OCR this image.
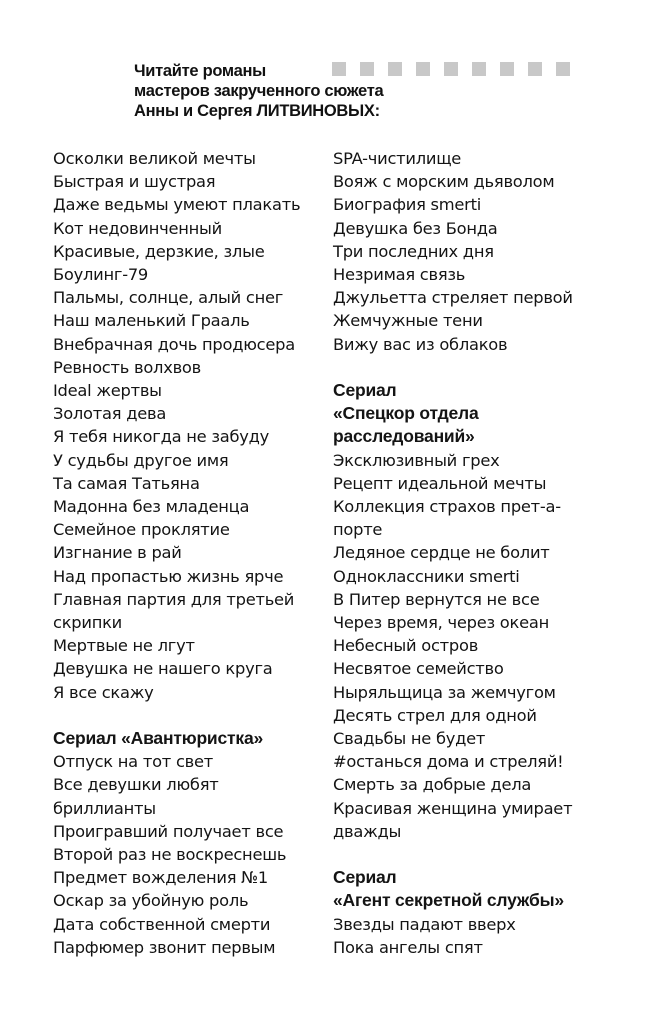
Читайте романы
мастеров закрученного сюжета
Анны и Сергея ЛИТВИНОВЫХ:
Осколки великой мечты
Быстрая и шустрая
Даже ведьмы умеют плакать
Кот недовинченный
Красивые, дерзкие, злые
Боулинг-79
Пальмы, солнце, алый снег
Наш маленький Грааль
Внебрачная дочь продюсера
Ревность волхвов
Ideal жертвы
Золотая дева
Я тебя никогда не забуду
У судьбы другое имя
Та самая Татьяна
Мадонна без младенца
Семейное проклятие
Изгнание в рай
Над пропастью жизнь ярче
Главная партия для третьей
скрипки
Мертвые не лгут
Девушка не нашего круга
Я все скажу
Сериал «Авантюристка»
Отпуск на тот свет
Все девушки любят
бриллианты
Проигравший получает все
Второй раз не воскреснешь
Предмет вожделения №1
Оскар за убойную роль
Дата собственной смерти
Парфюмер звонит первым
SPA-чистилище
Вояж с морским дьяволом
Биография smerti
Девушка без Бонда
Три последних дня
Незримая связь
Джульетта стреляет первой
Жемчужные тени
Вижу вас из облаков
Сериал
«Спецкор отдела
расследований»
Эксклюзивный грех
Рецепт идеальной мечты
Коллекция страхов прет-а-
порте
Ледяное сердце не болит
Одноклассники smerti
В Питер вернутся не все
Через время, через океан
Небесный остров
Несвятое семейство
Ныряльщица за жемчугом
Десять стрел для одной
Свадьбы не будет
#останься дома и стреляй!
Смерть за добрые дела
Красивая женщина умирает
дважды
Сериал
«Агент секретной службы»
Звезды падают вверх
Пока ангелы спят
